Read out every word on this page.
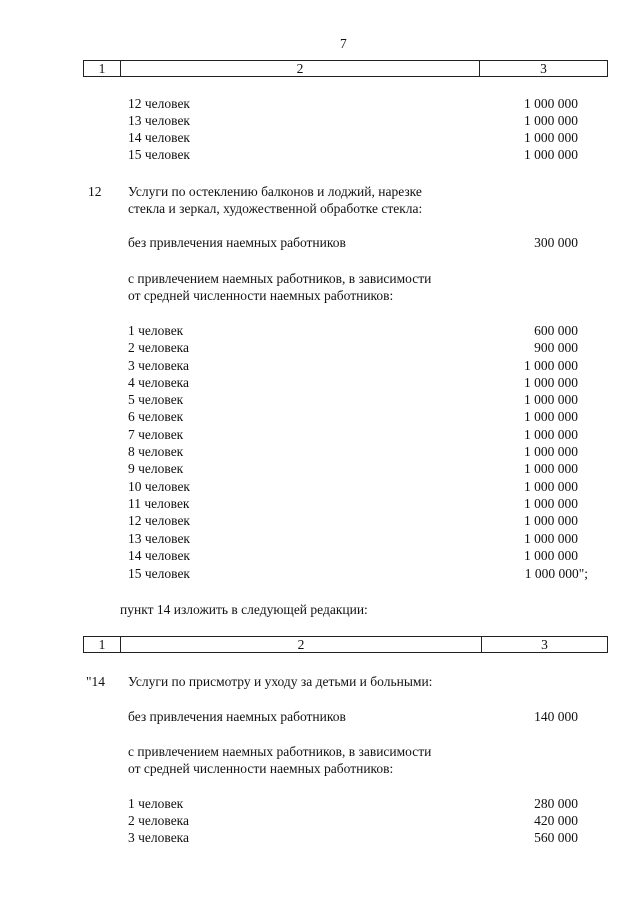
7
1	2	3
12 человек	1 000 000
13 человек	1 000 000
14 человек	1 000 000
15 человек	1 000 000
12 Услуги по остеклению балконов и лоджий, нарезке
стекла и зеркал, художественной обработке стекла:
без привлечения наемных работников	300 000
с привлечением наемных работников, в зависимости
от средней численности наемных работников:
1 человек	600 000
2 человека	900 000
3 человека	1 000 000
4 человека	1 000 000
5 человек	1 000 000
6 человек	1 000 000
7 человек	1 000 000
8 человек	1 000 000
9 человек	1 000 000
10 человек	1 000 000
11 человек	1 000 000
12 человек	1 000 000
13 человек	1 000 000
14 человек	1 000 000
15 человек	1 000 000";
пункт 14 изложить в следующей редакции:
1	2	3
"14 Услуги по присмотру и уходу за детьми и больными:
без привлечения наемных работников	140 000
с привлечением наемных работников, в зависимости
от средней численности наемных работников:
1 человек	280 000
2 человека	420 000
3 человека	560 000
